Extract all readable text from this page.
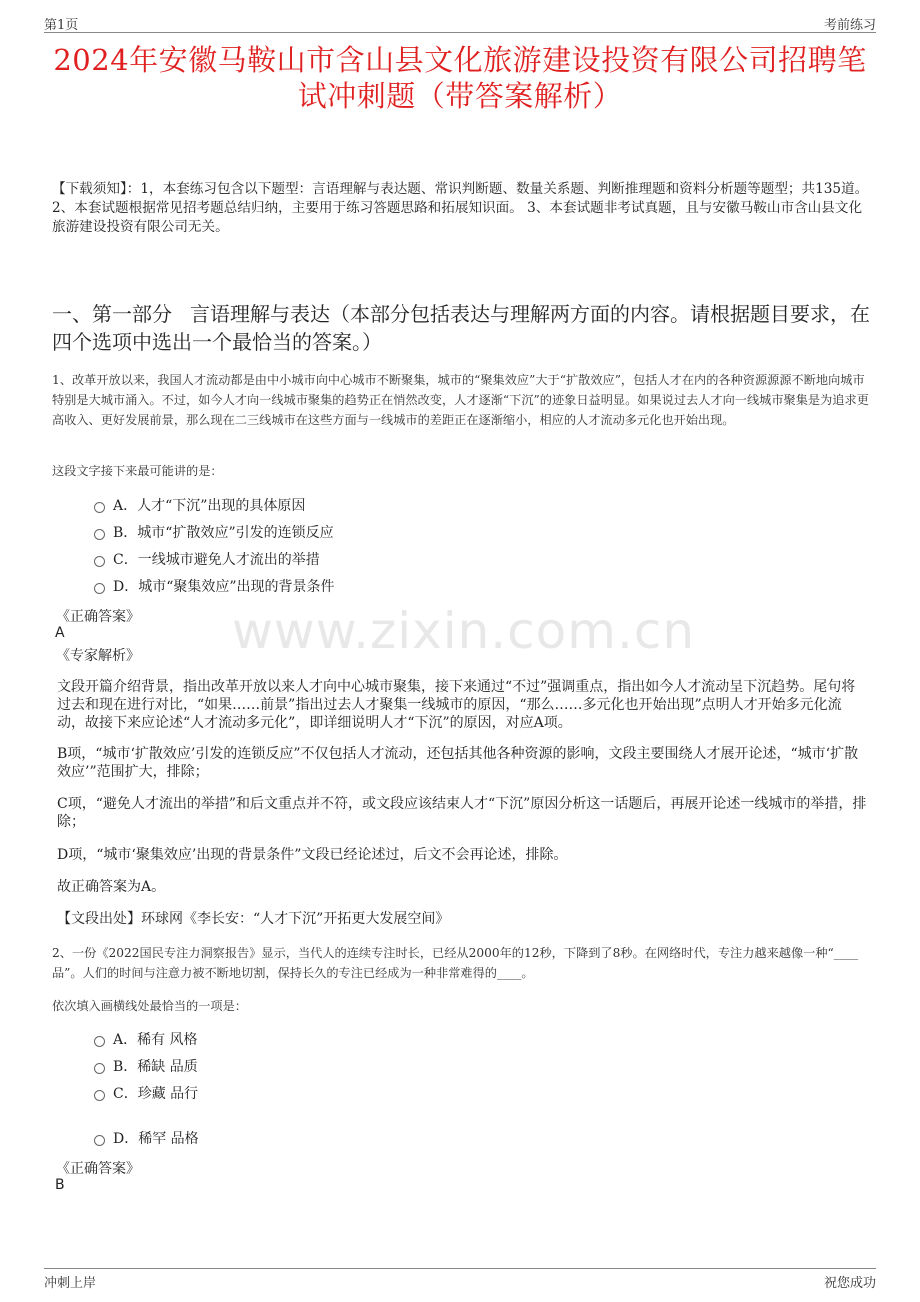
第1页	考前练习
www.zixin.com.cn
2024年安徽马鞍山市含山县文化旅游建设投资有限公司招聘笔试冲刺题（带答案解析）
【下载须知】：1，本套练习包含以下题型：言语理解与表达题、常识判断题、数量关系题、判断推理题和资料分析题等题型；共135道。 2、本套试题根据常见招考题总结归纳，主要用于练习答题思路和拓展知识面。 3、本套试题非考试真题，且与安徽马鞍山市含山县文化旅游建设投资有限公司无关。
一、第一部分 言语理解与表达（本部分包括表达与理解两方面的内容。请根据题目要求，在四个选项中选出一个最恰当的答案。）
1、改革开放以来，我国人才流动都是由中小城市向中心城市不断聚集，城市的“聚集效应”大于“扩散效应”，包括人才在内的各种资源源源不断地向城市特别是大城市涌入。不过，如今人才向一线城市聚集的趋势正在悄然改变，人才逐渐“下沉”的迹象日益明显。如果说过去人才向一线城市聚集是为追求更高收入、更好发展前景，那么现在二三线城市在这些方面与一线城市的差距正在逐渐缩小，相应的人才流动多元化也开始出现。
这段文字接下来最可能讲的是：
A．人才“下沉”出现的具体原因
B．城市“扩散效应”引发的连锁反应
C．一线城市避免人才流出的举措
D．城市“聚集效应”出现的背景条件
《正确答案》
A
《专家解析》
文段开篇介绍背景，指出改革开放以来人才向中心城市聚集，接下来通过“不过”强调重点，指出如今人才流动呈下沉趋势。尾句将过去和现在进行对比，“如果……前景”指出过去人才聚集一线城市的原因，“那么……多元化也开始出现”点明人才开始多元化流动，故接下来应论述“人才流动多元化”，即详细说明人才“下沉”的原因，对应A项。
B项，“城市‘扩散效应’引发的连锁反应”不仅包括人才流动，还包括其他各种资源的影响，文段主要围绕人才展开论述，“城市‘扩散效应’”范围扩大，排除；
C项，“避免人才流出的举措”和后文重点并不符，或文段应该结束人才“下沉”原因分析这一话题后，再展开论述一线城市的举措，排除；
D项，“城市‘聚集效应’出现的背景条件”文段已经论述过，后文不会再论述，排除。
故正确答案为A。
【文段出处】环球网《李长安：“人才下沉”开拓更大发展空间》
2、一份《2022国民专注力洞察报告》显示，当代人的连续专注时长，已经从2000年的12秒，下降到了8秒。在网络时代，专注力越来越像一种“____品”。人们的时间与注意力被不断地切割，保持长久的专注已经成为一种非常难得的____。
依次填入画横线处最恰当的一项是：
A．稀有 风格
B．稀缺 品质
C．珍藏 品行
D．稀罕 品格
《正确答案》
B
冲刺上岸	祝您成功
